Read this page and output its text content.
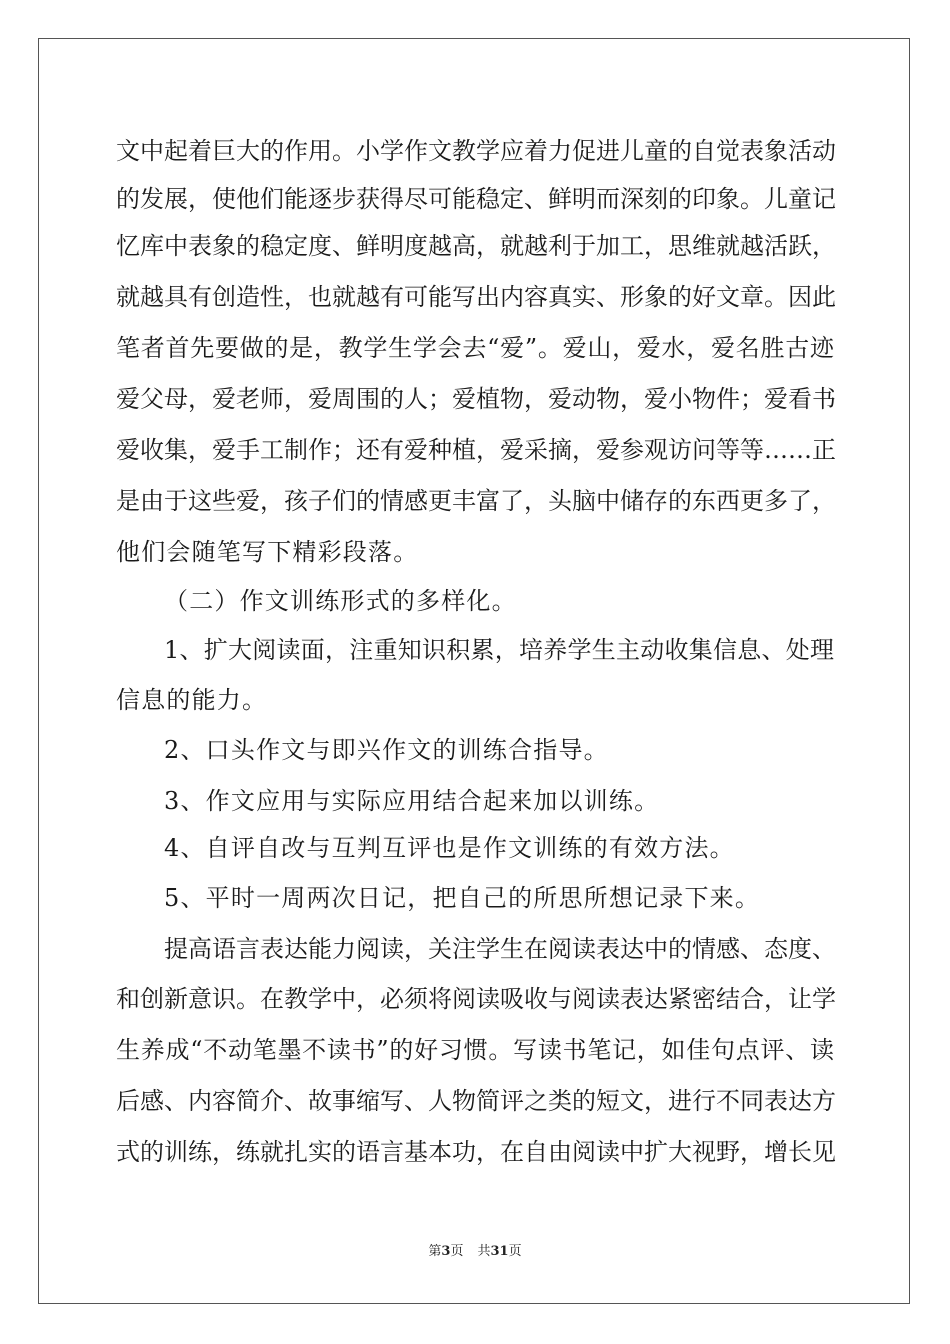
文中起着巨大的作用。小学作文教学应着力促进儿童的自觉表象活动
的发展，使他们能逐步获得尽可能稳定、鲜明而深刻的印象。儿童记
忆库中表象的稳定度、鲜明度越高，就越利于加工，思维就越活跃，
就越具有创造性，也就越有可能写出内容真实、形象的好文章。因此
笔者首先要做的是，教学生学会去“爱”。爱山，爱水，爱名胜古迹
爱父母，爱老师，爱周围的人；爱植物，爱动物，爱小物件；爱看书
爱收集，爱手工制作；还有爱种植，爱采摘，爱参观访问等等……正
是由于这些爱，孩子们的情感更丰富了，头脑中储存的东西更多了，
他们会随笔写下精彩段落。
（二）作文训练形式的多样化。
1、扩大阅读面，注重知识积累，培养学生主动收集信息、处理
信息的能力。
2、口头作文与即兴作文的训练合指导。
3、作文应用与实际应用结合起来加以训练。
4、自评自改与互判互评也是作文训练的有效方法。
5、平时一周两次日记，把自己的所思所想记录下来。
提高语言表达能力阅读，关注学生在阅读表达中的情感、态度、
和创新意识。在教学中，必须将阅读吸收与阅读表达紧密结合，让学
生养成“不动笔墨不读书”的好习惯。写读书笔记，如佳句点评、读
后感、内容简介、故事缩写、人物简评之类的短文，进行不同表达方
式的训练，练就扎实的语言基本功，在自由阅读中扩大视野，增长见
第3页 共31页
